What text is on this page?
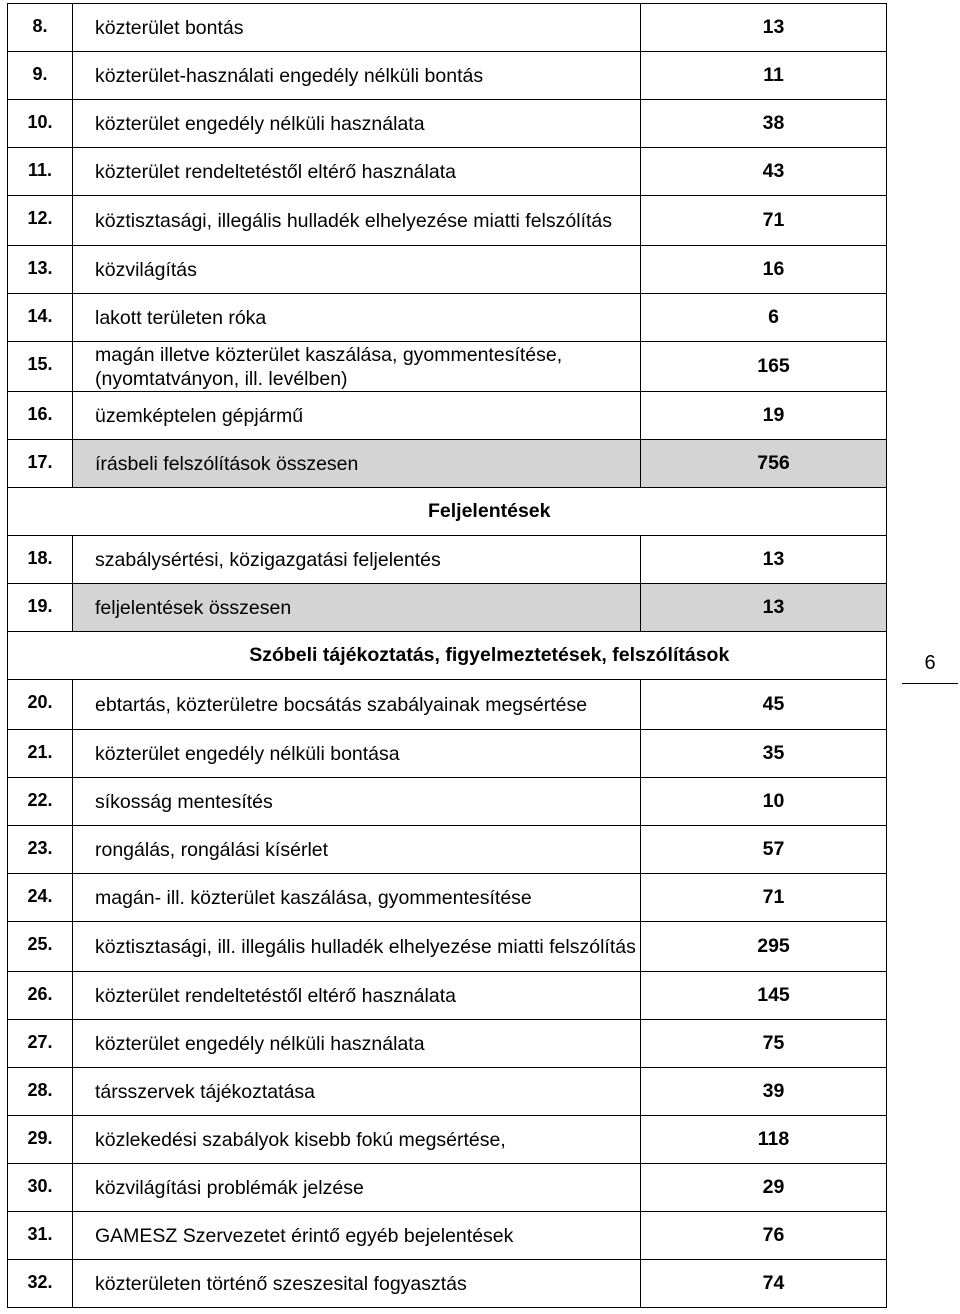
8.	közterület bontás	13
9.	közterület-használati engedély nélküli bontás	11
10.	közterület engedély nélküli használata	38
11.	közterület rendeltetéstől eltérő használata	43
12.	köztisztasági, illegális hulladék elhelyezése miatti felszólítás	71
13.	közvilágítás	16
14.	lakott területen róka	6
15.	magán illetve közterület kaszálása, gyommentesítése, (nyomtatványon, ill. levélben)	165
16.	üzemképtelen gépjármű	19
17.	írásbeli felszólítások összesen	756
	Feljelentések	
18.	szabálysértési, közigazgatási feljelentés	13
19.	feljelentések összesen	13
	Szóbeli tájékoztatás, figyelmeztetések, felszólítások	
20.	ebtartás, közterületre bocsátás szabályainak megsértése	45
21.	közterület engedély nélküli bontása	35
22.	síkosság mentesítés	10
23.	rongálás, rongálási kísérlet	57
24.	magán- ill. közterület kaszálása, gyommentesítése	71
25.	köztisztasági, ill. illegális hulladék elhelyezése miatti felszólítás	295
26.	közterület rendeltetéstől eltérő használata	145
27.	közterület engedély nélküli használata	75
28.	társszervek tájékoztatása	39
29.	közlekedési szabályok kisebb fokú megsértése,	118
30.	közvilágítási problémák jelzése	29
31.	GAMESZ Szervezetet érintő egyéb bejelentések	76
32.	közterületen történő szeszesital fogyasztás	74
6
